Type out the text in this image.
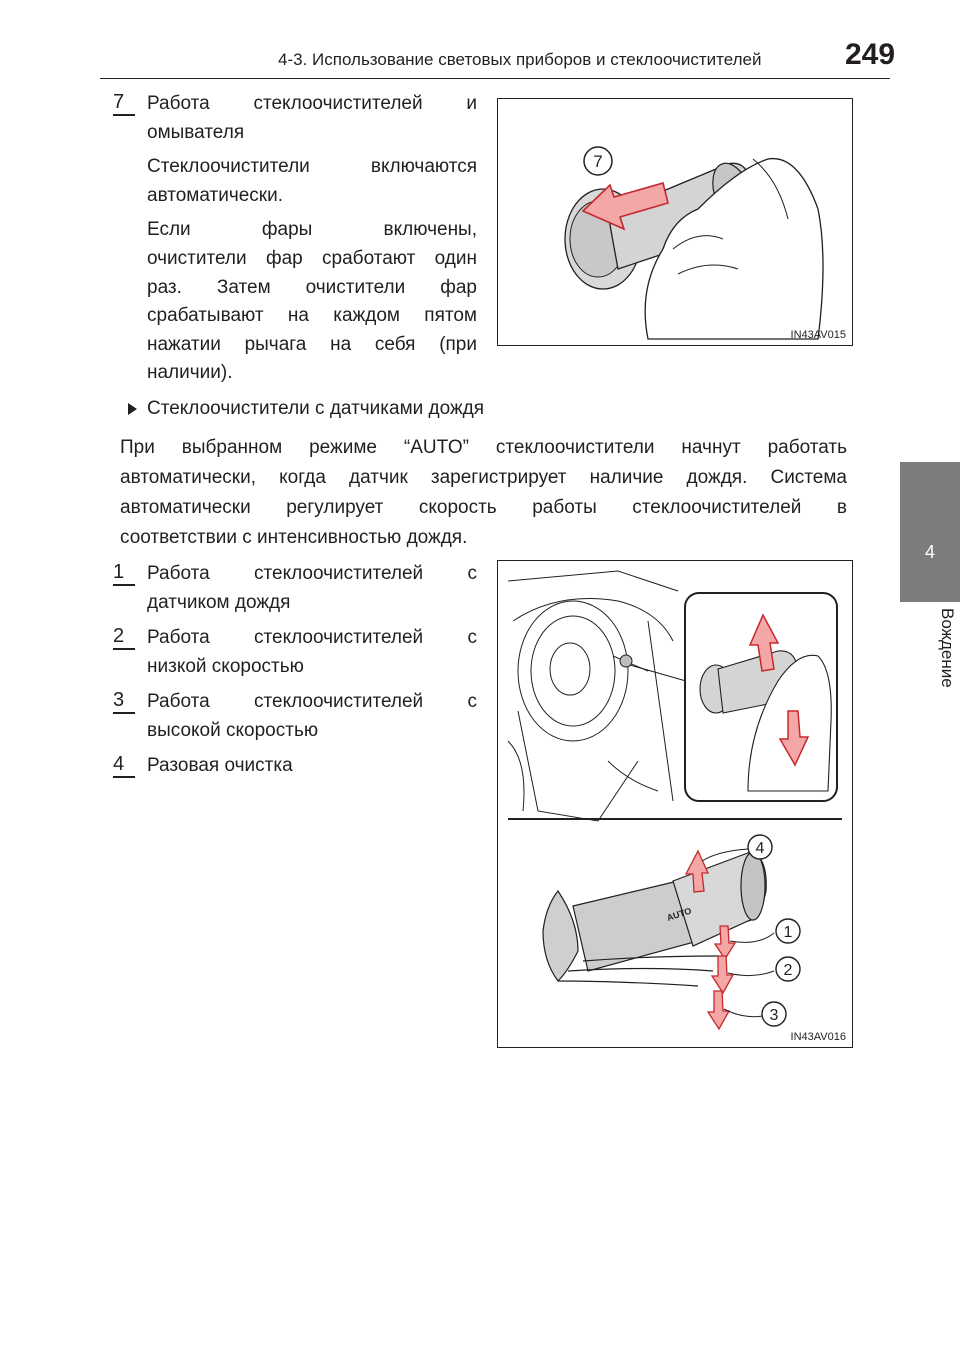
4-3. Использование световых приборов и стеклоочистителей	249
4
Вождение
7	Работа стеклоочистителей и
омывателя
Стеклоочистители включаются
автоматически.
Если фары включены,
очистители фар сработают один
раз. Затем очистители фар
срабатывают на каждом пятом
нажатии рычага на себя (при
наличии).
7
IN43AV015
Стеклоочистители с датчиками дождя
При выбранном режиме “AUTO” стеклоочистители начнут работать
автоматически, когда датчик зарегистрирует наличие дождя. Система
автоматически регулирует скорость работы стеклоочистителей в
соответствии с интенсивностью дождя.
1	Работа стеклоочистителей с
датчиком дождя
2	Работа стеклоочистителей с
низкой скоростью
3	Работа стеклоочистителей с
высокой скоростью
4	Разовая очистка
AUTO
4
1
2
3
IN43AV016
